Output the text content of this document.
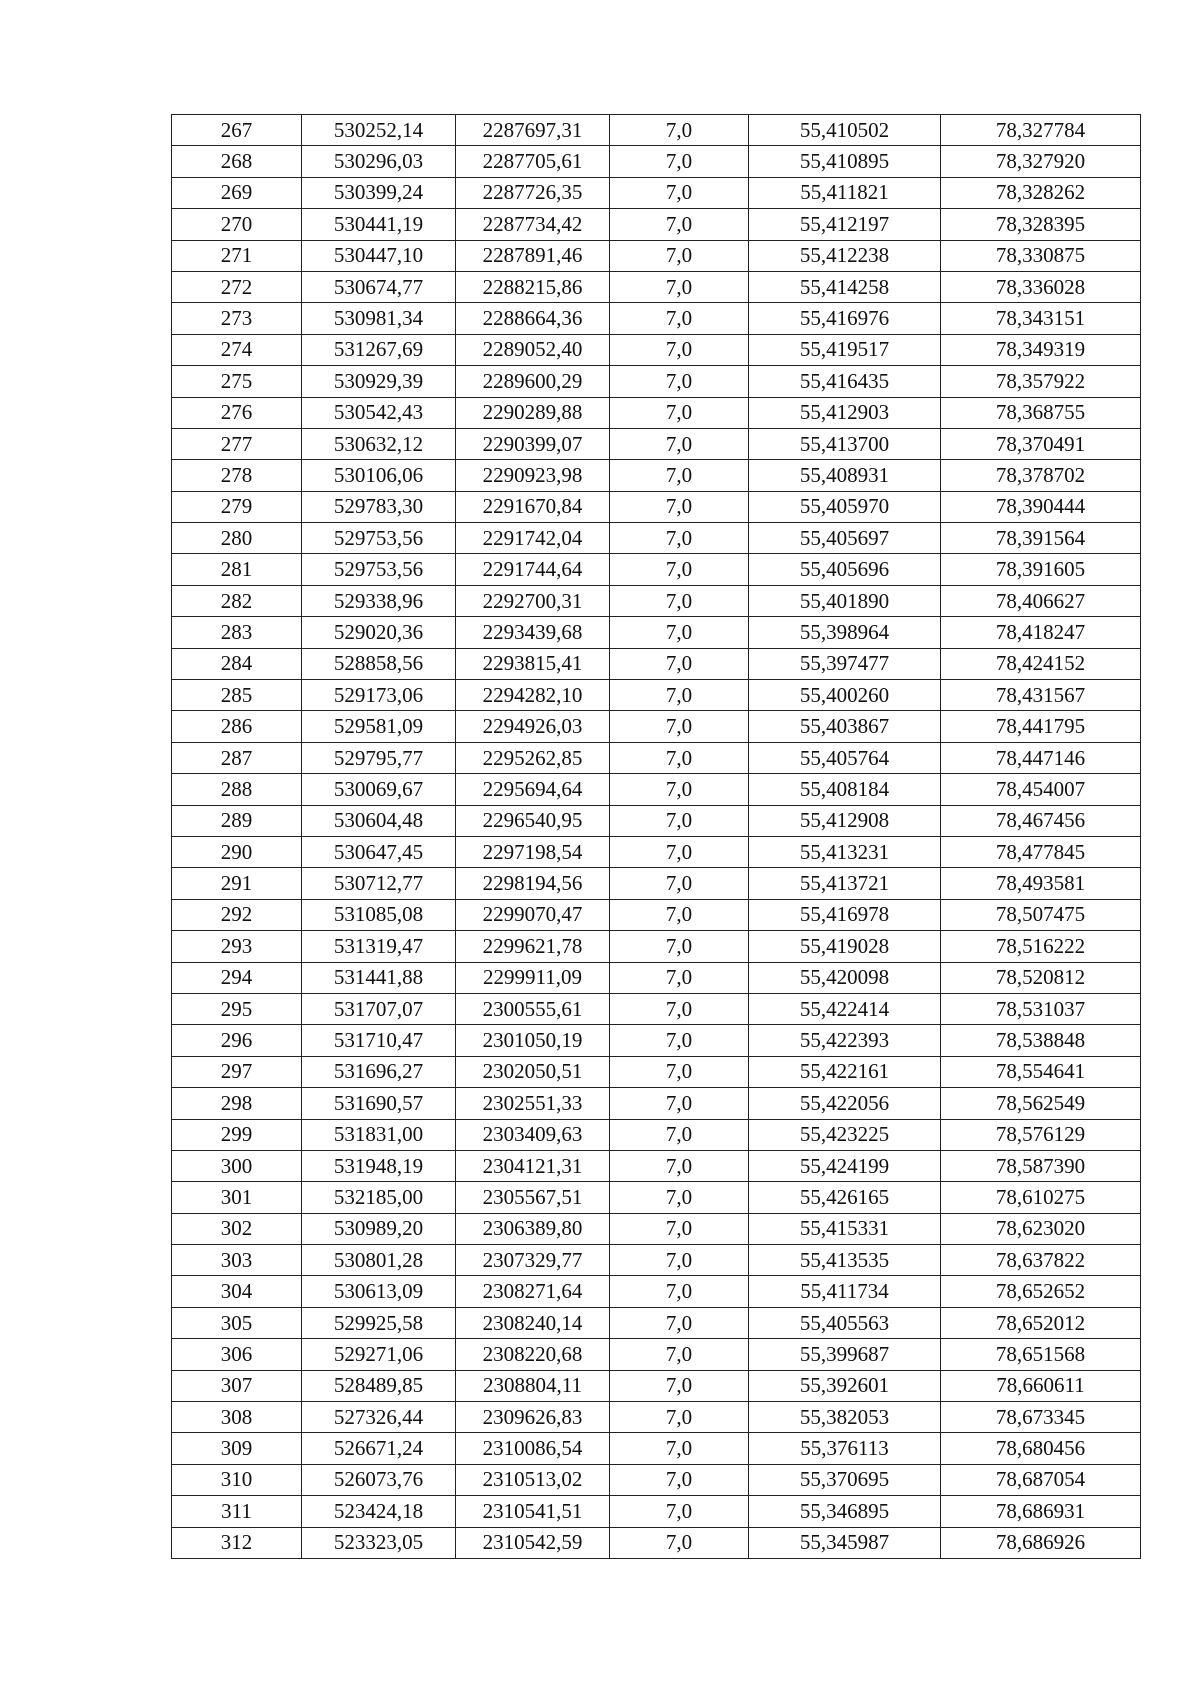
267	530252,14	2287697,31	7,0	55,410502	78,327784
268	530296,03	2287705,61	7,0	55,410895	78,327920
269	530399,24	2287726,35	7,0	55,411821	78,328262
270	530441,19	2287734,42	7,0	55,412197	78,328395
271	530447,10	2287891,46	7,0	55,412238	78,330875
272	530674,77	2288215,86	7,0	55,414258	78,336028
273	530981,34	2288664,36	7,0	55,416976	78,343151
274	531267,69	2289052,40	7,0	55,419517	78,349319
275	530929,39	2289600,29	7,0	55,416435	78,357922
276	530542,43	2290289,88	7,0	55,412903	78,368755
277	530632,12	2290399,07	7,0	55,413700	78,370491
278	530106,06	2290923,98	7,0	55,408931	78,378702
279	529783,30	2291670,84	7,0	55,405970	78,390444
280	529753,56	2291742,04	7,0	55,405697	78,391564
281	529753,56	2291744,64	7,0	55,405696	78,391605
282	529338,96	2292700,31	7,0	55,401890	78,406627
283	529020,36	2293439,68	7,0	55,398964	78,418247
284	528858,56	2293815,41	7,0	55,397477	78,424152
285	529173,06	2294282,10	7,0	55,400260	78,431567
286	529581,09	2294926,03	7,0	55,403867	78,441795
287	529795,77	2295262,85	7,0	55,405764	78,447146
288	530069,67	2295694,64	7,0	55,408184	78,454007
289	530604,48	2296540,95	7,0	55,412908	78,467456
290	530647,45	2297198,54	7,0	55,413231	78,477845
291	530712,77	2298194,56	7,0	55,413721	78,493581
292	531085,08	2299070,47	7,0	55,416978	78,507475
293	531319,47	2299621,78	7,0	55,419028	78,516222
294	531441,88	2299911,09	7,0	55,420098	78,520812
295	531707,07	2300555,61	7,0	55,422414	78,531037
296	531710,47	2301050,19	7,0	55,422393	78,538848
297	531696,27	2302050,51	7,0	55,422161	78,554641
298	531690,57	2302551,33	7,0	55,422056	78,562549
299	531831,00	2303409,63	7,0	55,423225	78,576129
300	531948,19	2304121,31	7,0	55,424199	78,587390
301	532185,00	2305567,51	7,0	55,426165	78,610275
302	530989,20	2306389,80	7,0	55,415331	78,623020
303	530801,28	2307329,77	7,0	55,413535	78,637822
304	530613,09	2308271,64	7,0	55,411734	78,652652
305	529925,58	2308240,14	7,0	55,405563	78,652012
306	529271,06	2308220,68	7,0	55,399687	78,651568
307	528489,85	2308804,11	7,0	55,392601	78,660611
308	527326,44	2309626,83	7,0	55,382053	78,673345
309	526671,24	2310086,54	7,0	55,376113	78,680456
310	526073,76	2310513,02	7,0	55,370695	78,687054
311	523424,18	2310541,51	7,0	55,346895	78,686931
312	523323,05	2310542,59	7,0	55,345987	78,686926
